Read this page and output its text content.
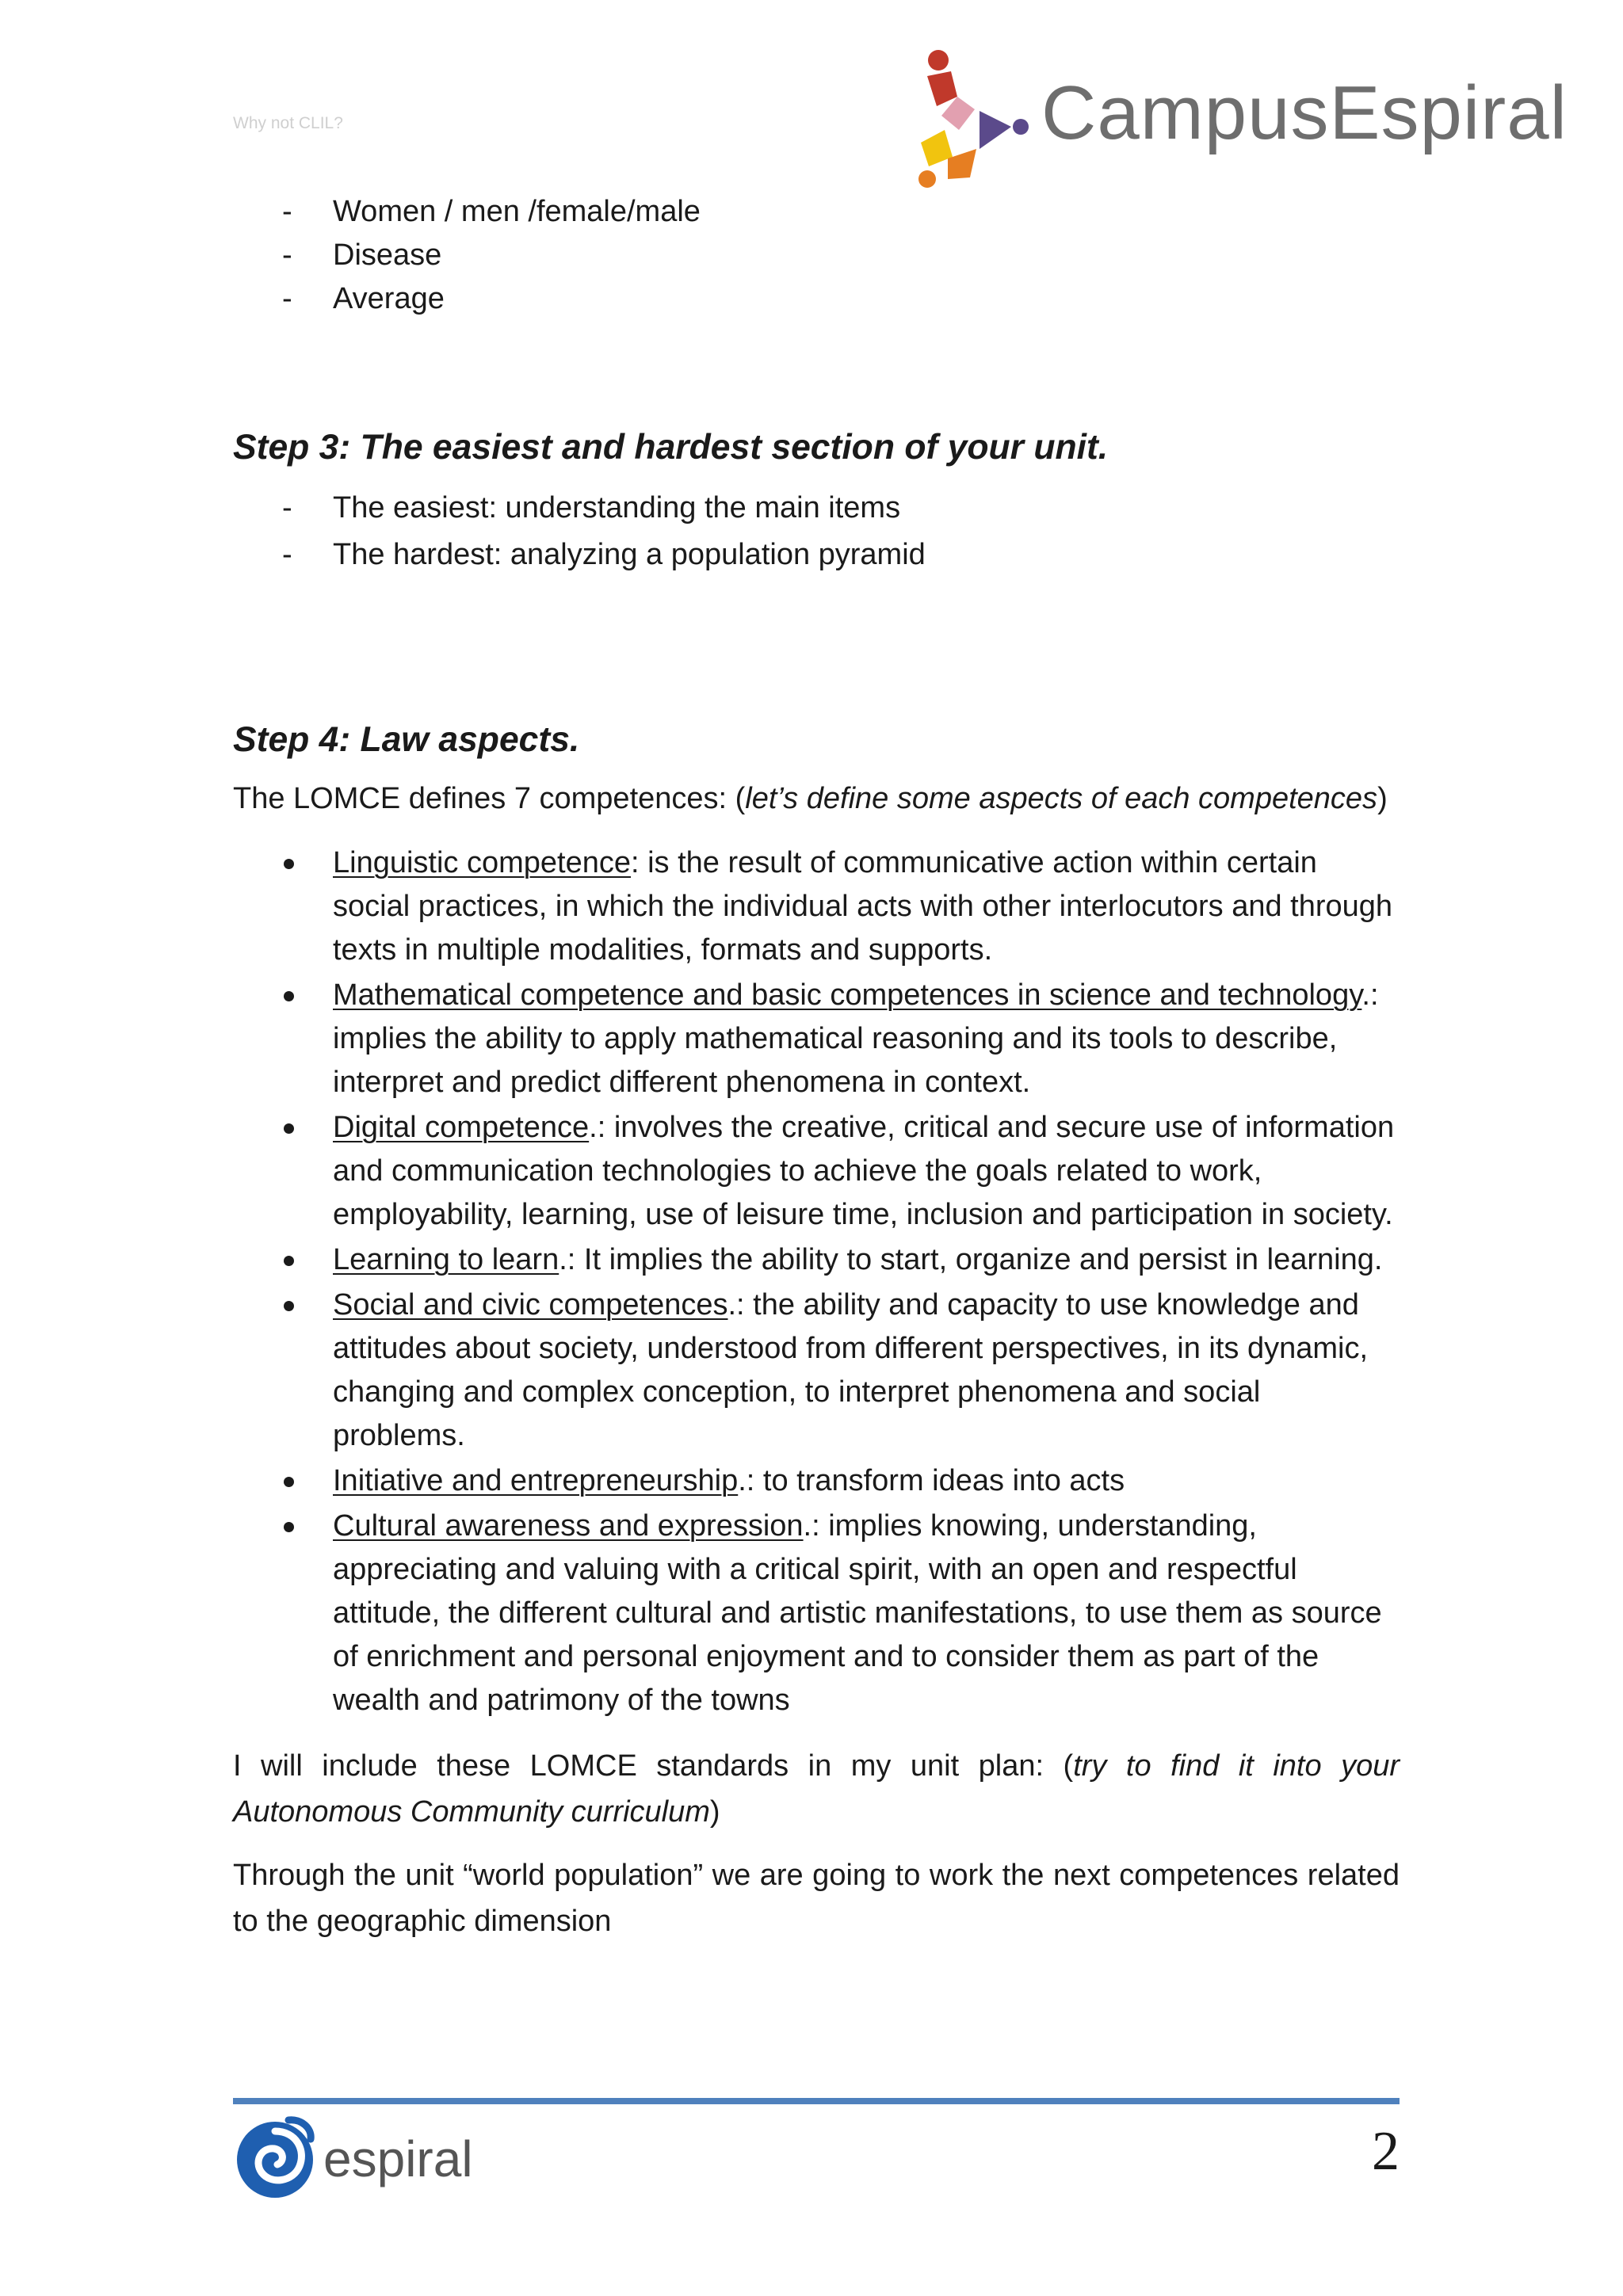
Why not CLIL?	CampusEspiral
- Women / men /female/male
- Disease
- Average
Step 3: The easiest and hardest section of your unit.
- The easiest: understanding the main items
- The hardest: analyzing a population pyramid
Step 4: Law aspects.

The LOMCE defines 7 competences: (let’s define some aspects of each competences)

Linguistic competence: is the result of communicative action within certain social practices, in which the individual acts with other interlocutors and through texts in multiple modalities, formats and supports.
Mathematical competence and basic competences in science and technology.: implies the ability to apply mathematical reasoning and its tools to describe, interpret and predict different phenomena in context.
Digital competence.: involves the creative, critical and secure use of information and communication technologies to achieve the goals related to work, employability, learning, use of leisure time, inclusion and participation in society.
Learning to learn.: It implies the ability to start, organize and persist in learning.
Social and civic competences.: the ability and capacity to use knowledge and attitudes about society, understood from different perspectives, in its dynamic, changing and complex conception, to interpret phenomena and social problems.
Initiative and entrepreneurship.: to transform ideas into acts
Cultural awareness and expression.: implies knowing, understanding, appreciating and valuing with a critical spirit, with an open and respectful attitude, the different cultural and artistic manifestations, to use them as source of enrichment and personal enjoyment and to consider them as part of the wealth and patrimony of the towns

I will include these LOMCE standards in my unit plan: (try to find it into your Autonomous Community curriculum)

Through the unit “world population” we are going to work the next competences related to the geographic dimension

espiral	2
